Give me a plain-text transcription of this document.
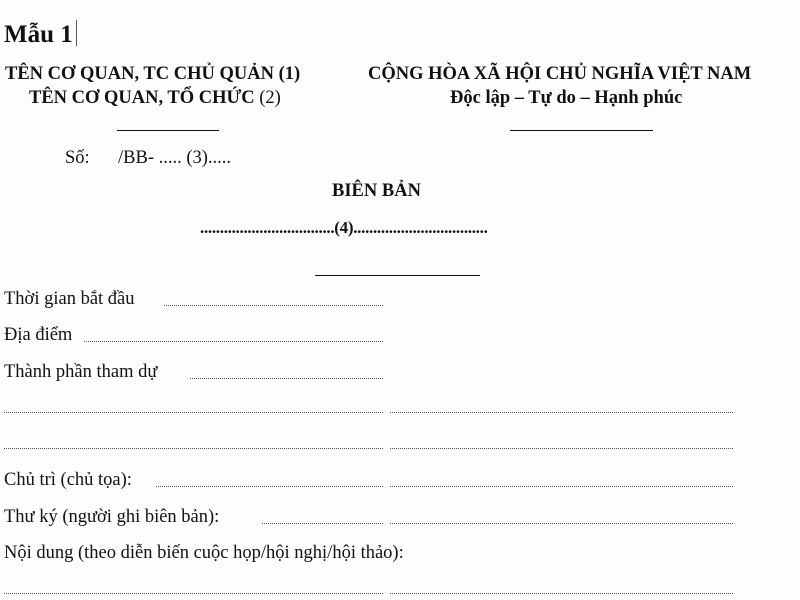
Mẫu 1
TÊN CƠ QUAN, TC CHỦ QUẢN (1)
TÊN CƠ QUAN, TỔ CHỨC (2)
CỘNG HÒA XÃ HỘI CHỦ NGHĨA VIỆT NAM
Độc lập – Tự do – Hạnh phúc
Số: /BB- ..... (3).....
BIÊN BẢN
..................................(4)..................................
Thời gian bắt đầu
Địa điểm
Thành phần tham dự
Chủ trì (chủ tọa):
Thư ký (người ghi biên bản):
Nội dung (theo diễn biến cuộc họp/hội nghị/hội thảo):
